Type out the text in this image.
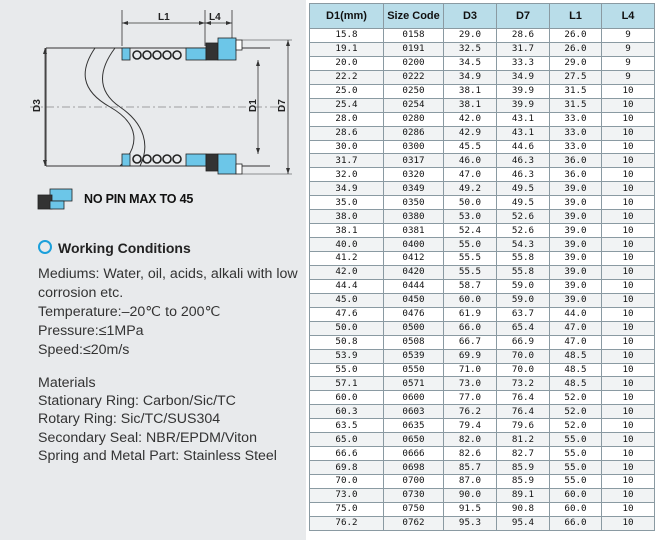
L1	L4
D3	D1 D7
NO PIN MAX TO 45
Working Conditions
Mediums: Water, oil, acids, alkali with low corrosion etc.
Temperature:–20℃ to 200℃
Pressure:≤1MPa
Speed:≤20m/s
Materials
Stationary Ring: Carbon/Sic/TC
Rotary Ring: Sic/TC/SUS304
Secondary Seal: NBR/EPDM/Viton
Spring and Metal Part: Stainless Steel
D1(mm)	Size Code	D3	D7	L1	L4
15.8	0158	29.0	28.6	26.0	9
19.1	0191	32.5	31.7	26.0	9
20.0	0200	34.5	33.3	29.0	9
22.2	0222	34.9	34.9	27.5	9
25.0	0250	38.1	39.9	31.5	10
25.4	0254	38.1	39.9	31.5	10
28.0	0280	42.0	43.1	33.0	10
28.6	0286	42.9	43.1	33.0	10
30.0	0300	45.5	44.6	33.0	10
31.7	0317	46.0	46.3	36.0	10
32.0	0320	47.0	46.3	36.0	10
34.9	0349	49.2	49.5	39.0	10
35.0	0350	50.0	49.5	39.0	10
38.0	0380	53.0	52.6	39.0	10
38.1	0381	52.4	52.6	39.0	10
40.0	0400	55.0	54.3	39.0	10
41.2	0412	55.5	55.8	39.0	10
42.0	0420	55.5	55.8	39.0	10
44.4	0444	58.7	59.0	39.0	10
45.0	0450	60.0	59.0	39.0	10
47.6	0476	61.9	63.7	44.0	10
50.0	0500	66.0	65.4	47.0	10
50.8	0508	66.7	66.9	47.0	10
53.9	0539	69.9	70.0	48.5	10
55.0	0550	71.0	70.0	48.5	10
57.1	0571	73.0	73.2	48.5	10
60.0	0600	77.0	76.4	52.0	10
60.3	0603	76.2	76.4	52.0	10
63.5	0635	79.4	79.6	52.0	10
65.0	0650	82.0	81.2	55.0	10
66.6	0666	82.6	82.7	55.0	10
69.8	0698	85.7	85.9	55.0	10
70.0	0700	87.0	85.9	55.0	10
73.0	0730	90.0	89.1	60.0	10
75.0	0750	91.5	90.8	60.0	10
76.2	0762	95.3	95.4	66.0	10
